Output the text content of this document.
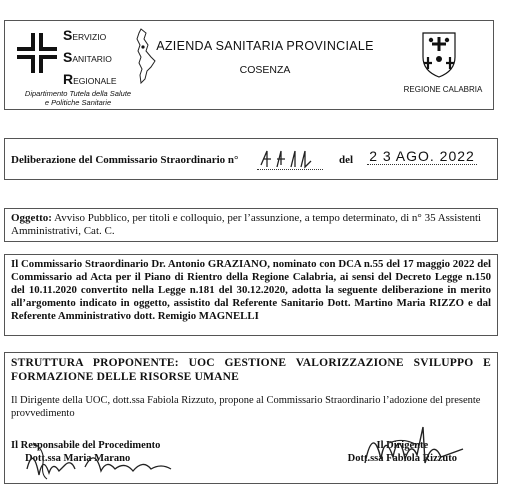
SERVIZIO
SANITARIO
REGIONALE
Dipartimento Tutela della Salute
e Politiche Sanitarie
AZIENDA SANITARIA PROVINCIALE
COSENZA
REGIONE CALABRIA
Deliberazione del Commissario Straordinario n°	del 2 3 AGO. 2022
Oggetto: Avviso Pubblico, per titoli e colloquio, per l’assunzione, a tempo determinato, di n° 35 Assistenti Amministrativi, Cat. C.
Il Commissario Straordinario Dr. Antonio GRAZIANO, nominato con DCA n.55 del 17 maggio 2022 del Commissario ad Acta per il Piano di Rientro della Regione Calabria, ai sensi del Decreto Legge n.150 del 10.11.2020 convertito nella Legge n.181 del 30.12.2020, adotta la seguente deliberazione in merito all’argomento indicato in oggetto, assistito dal Referente Sanitario Dott. Martino Maria RIZZO e dal Referente Amministrativo dott. Remigio MAGNELLI
STRUTTURA PROPONENTE: UOC GESTIONE VALORIZZAZIONE SVILUPPO E FORMAZIONE DELLE RISORSE UMANE
Il Dirigente della UOC, dott.ssa Fabiola Rizzuto, propone al Commissario Straordinario l’adozione del presente provvedimento
Il Responsabile del Procedimento
Dott.ssa Maria Marano
Il Dirigente
Dott.ssa Fabiola Rizzuto
